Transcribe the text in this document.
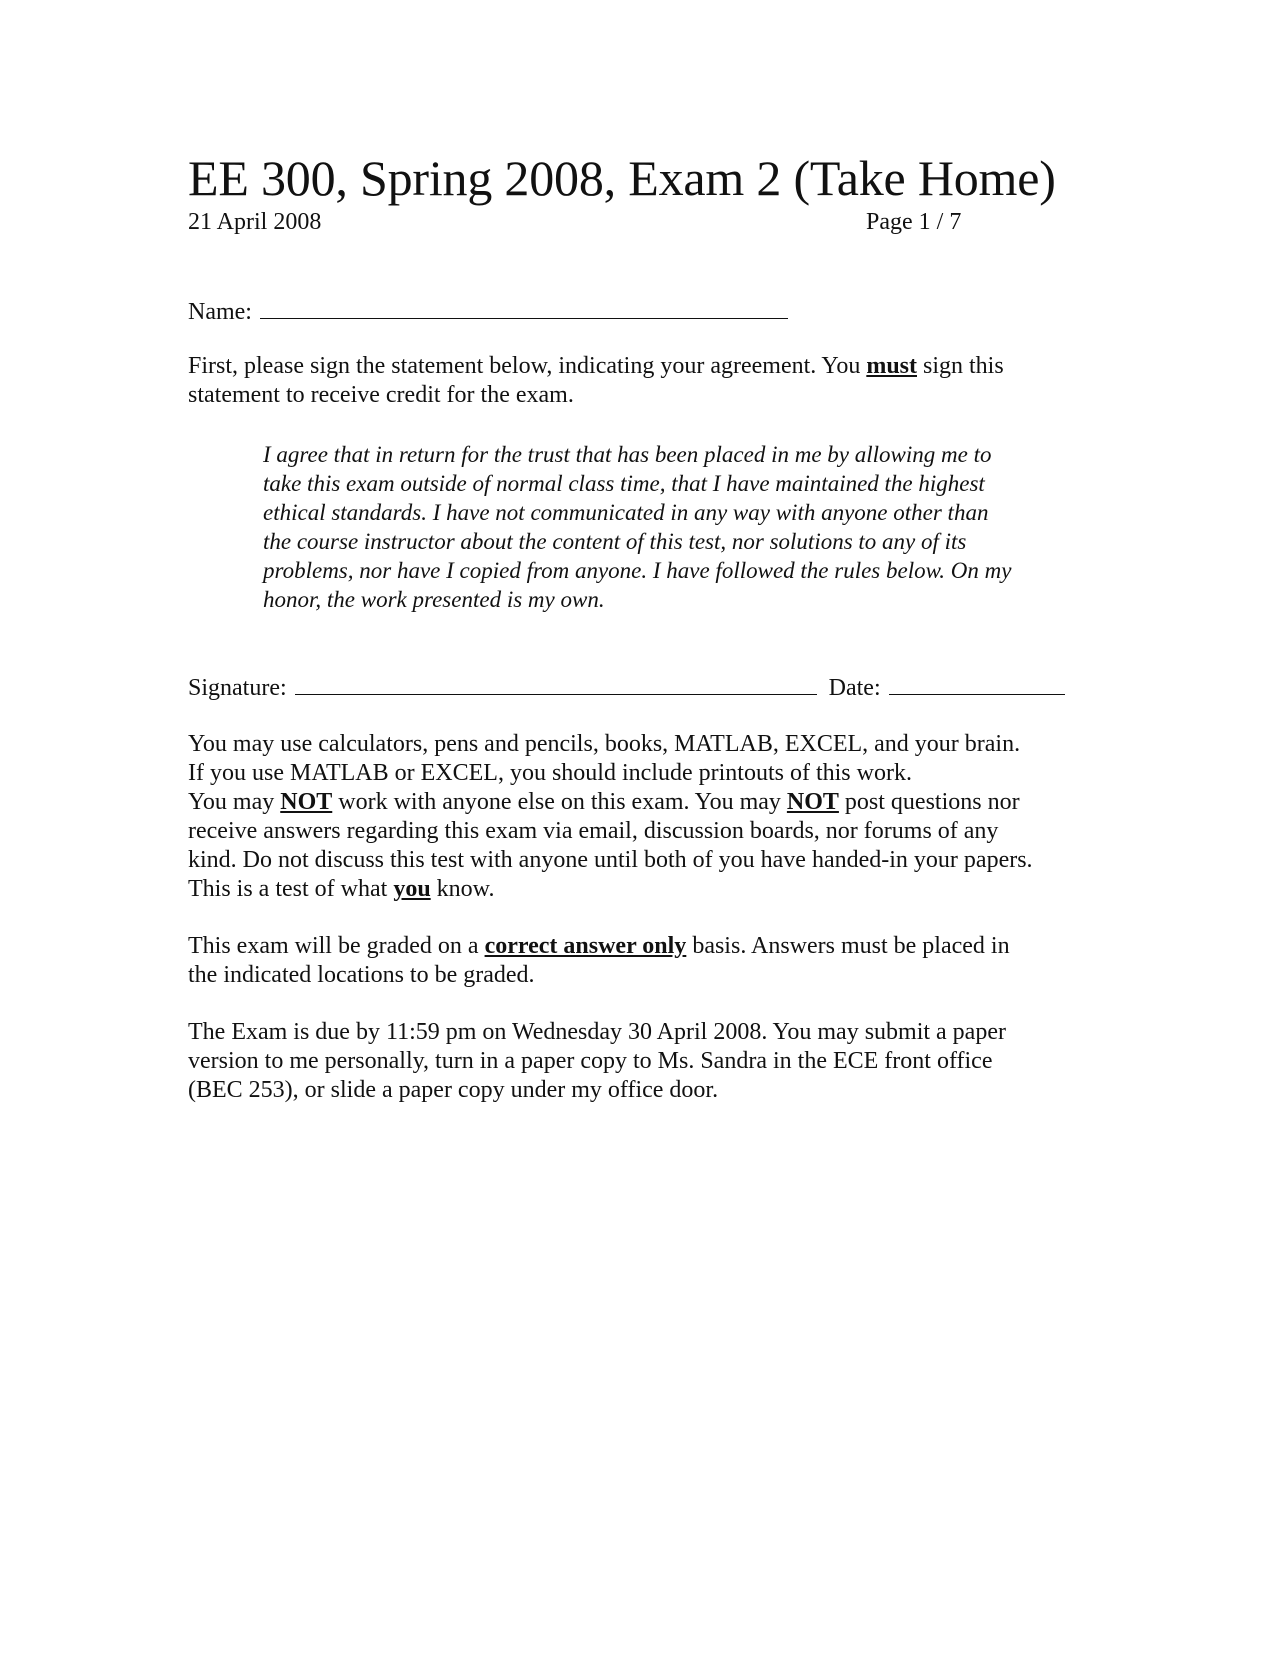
EE 300, Spring 2008, Exam 2 (Take Home)
21 April 2008	Page 1 / 7
Name:
First, please sign the statement below, indicating your agreement. You must sign this
statement to receive credit for the exam.
I agree that in return for the trust that has been placed in me by allowing me to
take this exam outside of normal class time, that I have maintained the highest
ethical standards. I have not communicated in any way with anyone other than
the course instructor about the content of this test, nor solutions to any of its
problems, nor have I copied from anyone. I have followed the rules below. On my
honor, the work presented is my own.
Signature:	Date:
You may use calculators, pens and pencils, books, MATLAB, EXCEL, and your brain.
If you use MATLAB or EXCEL, you should include printouts of this work.
You may NOT work with anyone else on this exam. You may NOT post questions nor
receive answers regarding this exam via email, discussion boards, nor forums of any
kind. Do not discuss this test with anyone until both of you have handed-in your papers.
This is a test of what you know.
This exam will be graded on a correct answer only basis. Answers must be placed in
the indicated locations to be graded.
The Exam is due by 11:59 pm on Wednesday 30 April 2008. You may submit a paper
version to me personally, turn in a paper copy to Ms. Sandra in the ECE front office
(BEC 253), or slide a paper copy under my office door.
